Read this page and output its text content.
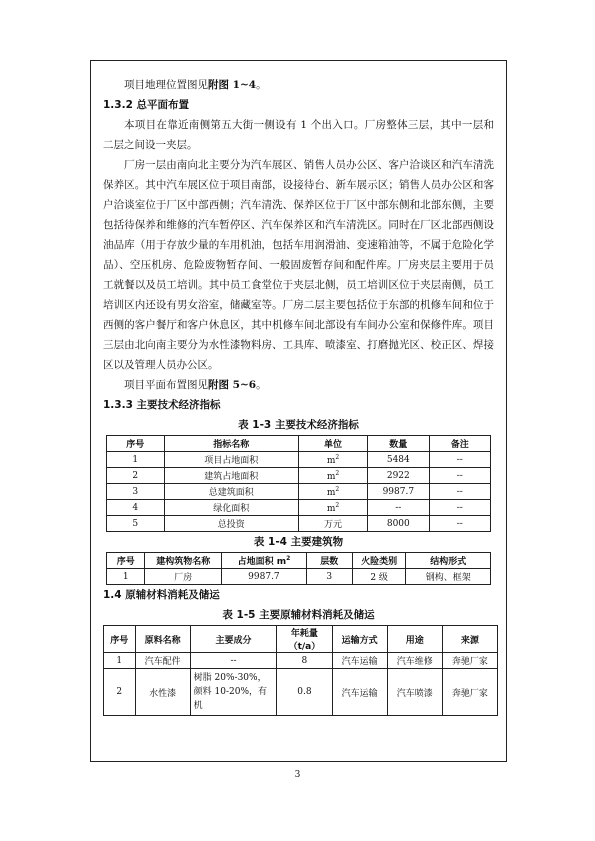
项目地理位置图见附图 1~4。

1.3.2 总平面布置

本项目在靠近南侧第五大街一侧设有 1 个出入口。厂房整体三层，其中一层和二层之间设一夹层。

厂房一层由南向北主要分为汽车展区、销售人员办公区、客户洽谈区和汽车清洗保养区。其中汽车展区位于项目南部，设接待台、新车展示区；销售人员办公区和客户洽谈室位于厂区中部西侧；汽车清洗、保养区位于厂区中部东侧和北部东侧，主要包括待保养和维修的汽车暂停区、汽车保养区和汽车清洗区。同时在厂区北部西侧设油品库（用于存放少量的车用机油，包括车用润滑油、变速箱油等，不属于危险化学品）、空压机房、危险废物暂存间、一般固废暂存间和配件库。厂房夹层主要用于员工就餐以及员工培训。其中员工食堂位于夹层北侧，员工培训区位于夹层南侧，员工培训区内还设有男女浴室，储藏室等。厂房二层主要包括位于东部的机修车间和位于西侧的客户餐厅和客户休息区，其中机修车间北部设有车间办公室和保修件库。项目三层由北向南主要分为水性漆物料房、工具库、喷漆室、打磨抛光区、校正区、焊接区以及管理人员办公区。

项目平面布置图见附图 5~6。

1.3.3 主要技术经济指标
表 1-3 主要技术经济指标
序号	指标名称	单位	数量	备注
1	项目占地面积	$m^2$	5484	--
2	建筑占地面积	$m^2$	2922	--
3	总建筑面积	$m^2$	9987.7	--
4	绿化面积	$m^2$	--	--
5	总投资	万元	8000	--
表 1-4 主要建筑物
序号	建构筑物名称	占地面积 $m^2$	层数	火险类别	结构形式
1	厂房	9987.7	3	2 级	钢构、框架
1.4 原辅材料消耗及储运
表 1-5 主要原辅材料消耗及储运
序号	原料名称	主要成分	年耗量（t/a）	运输方式	用途	来源
1	汽车配件	--	8	汽车运输	汽车维修	奔驰厂家
2	水性漆	树脂 20%-30%，颜料 10-20%，有机	0.8	汽车运输	汽车喷漆	奔驰厂家
3
